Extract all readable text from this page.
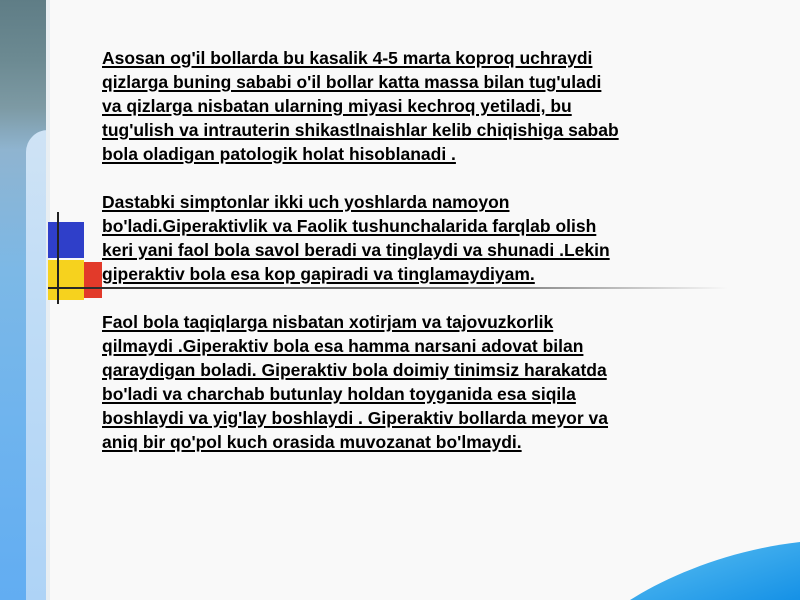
Asosan og'il bollarda bu kasalik 4-5 marta koproq uchraydi
qizlarga buning sababi o'il bollar katta massa bilan tug'uladi
va qizlarga nisbatan ularning miyasi kechroq yetiladi, bu
tug'ulish va intrauterin shikastlnaishlar kelib chiqishiga sabab
bola oladigan patologik holat hisoblanadi .

Dastabki simptonlar ikki uch yoshlarda namoyon
bo'ladi.Giperaktivlik va Faolik tushunchalarida farqlab olish
keri yani faol bola savol beradi va tinglaydi va shunadi .Lekin
giperaktiv bola esa kop gapiradi va tinglamaydiyam.

Faol bola taqiqlarga nisbatan xotirjam va tajovuzkorlik
qilmaydi .Giperaktiv bola esa hamma narsani adovat bilan
qaraydigan boladi. Giperaktiv bola doimiy tinimsiz harakatda
bo'ladi va charchab butunlay holdan toyganida esa siqila
boshlaydi va yig'lay boshlaydi . Giperaktiv bollarda meyor va
aniq bir qo'pol kuch orasida muvozanat bo'lmaydi.
